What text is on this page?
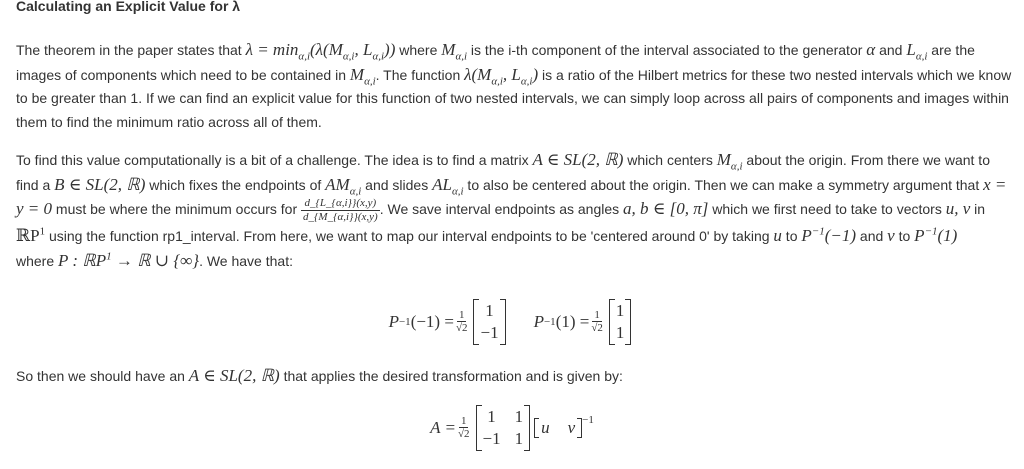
Calculating an Explicit Value for λ
The theorem in the paper states that $\lambda = \min_{\alpha,i}(\lambda(M_{\alpha,i}$, $L_{\alpha,i}$)) where $M_{\alpha,i}$ is the i-th component of the interval associated to the generator α and $L_{\alpha,i}$ are the images of components which need to be contained in $M_{\alpha,i}$. The function $\lambda(M_{\alpha,i}$, $L_{\alpha,i}$) is a ratio of the Hilbert metrics for these two nested intervals which we know to be greater than 1. If we can find an explicit value for this function of two nested intervals, we can simply loop across all pairs of components and images within them to find the minimum ratio across all of them.
To find this value computationally is a bit of a challenge. The idea is to find a matrix A ∈ SL(2, ℝ) which centers $M_{\alpha,i}$ about the origin. From there we want to find a B ∈ SL(2, ℝ) which fixes the endpoints of $AM_{\alpha,i}$ and slides $AL_{\alpha,i}$ to also be centered about the origin. Then we can make a symmetry argument that x = y = 0 must be where the minimum occurs for $\frac{d\_\{L\_\{\alpha,i\}\}(x,y)}{d\_\{M\_\{\alpha,i\}\}(x,y)}$ . We save interval endpoints as angles a, b ∈ [0, π] which we first need to take to vectors u, v in ℝP$^1$ using the function rp1_interval. From here, we want to map our interval endpoints to be 'centered around 0' by taking u to $P^{-1}(-1)$ and v to $P^{-1}(1)$
where P : ℝP$^1$ → ℝ ∪ {∞}. We have that:
P −1 $(-1) = \frac{1}{√2} 1$
−1
P −1 $(1) = \frac{1}{√2} 1$
1
So then we should have an A ∈ SL(2, ℝ) that applies the desired transformation and is given by:
$A = \frac{1}{√2} 1$ 1
−1 1
u v $^{-1}$
